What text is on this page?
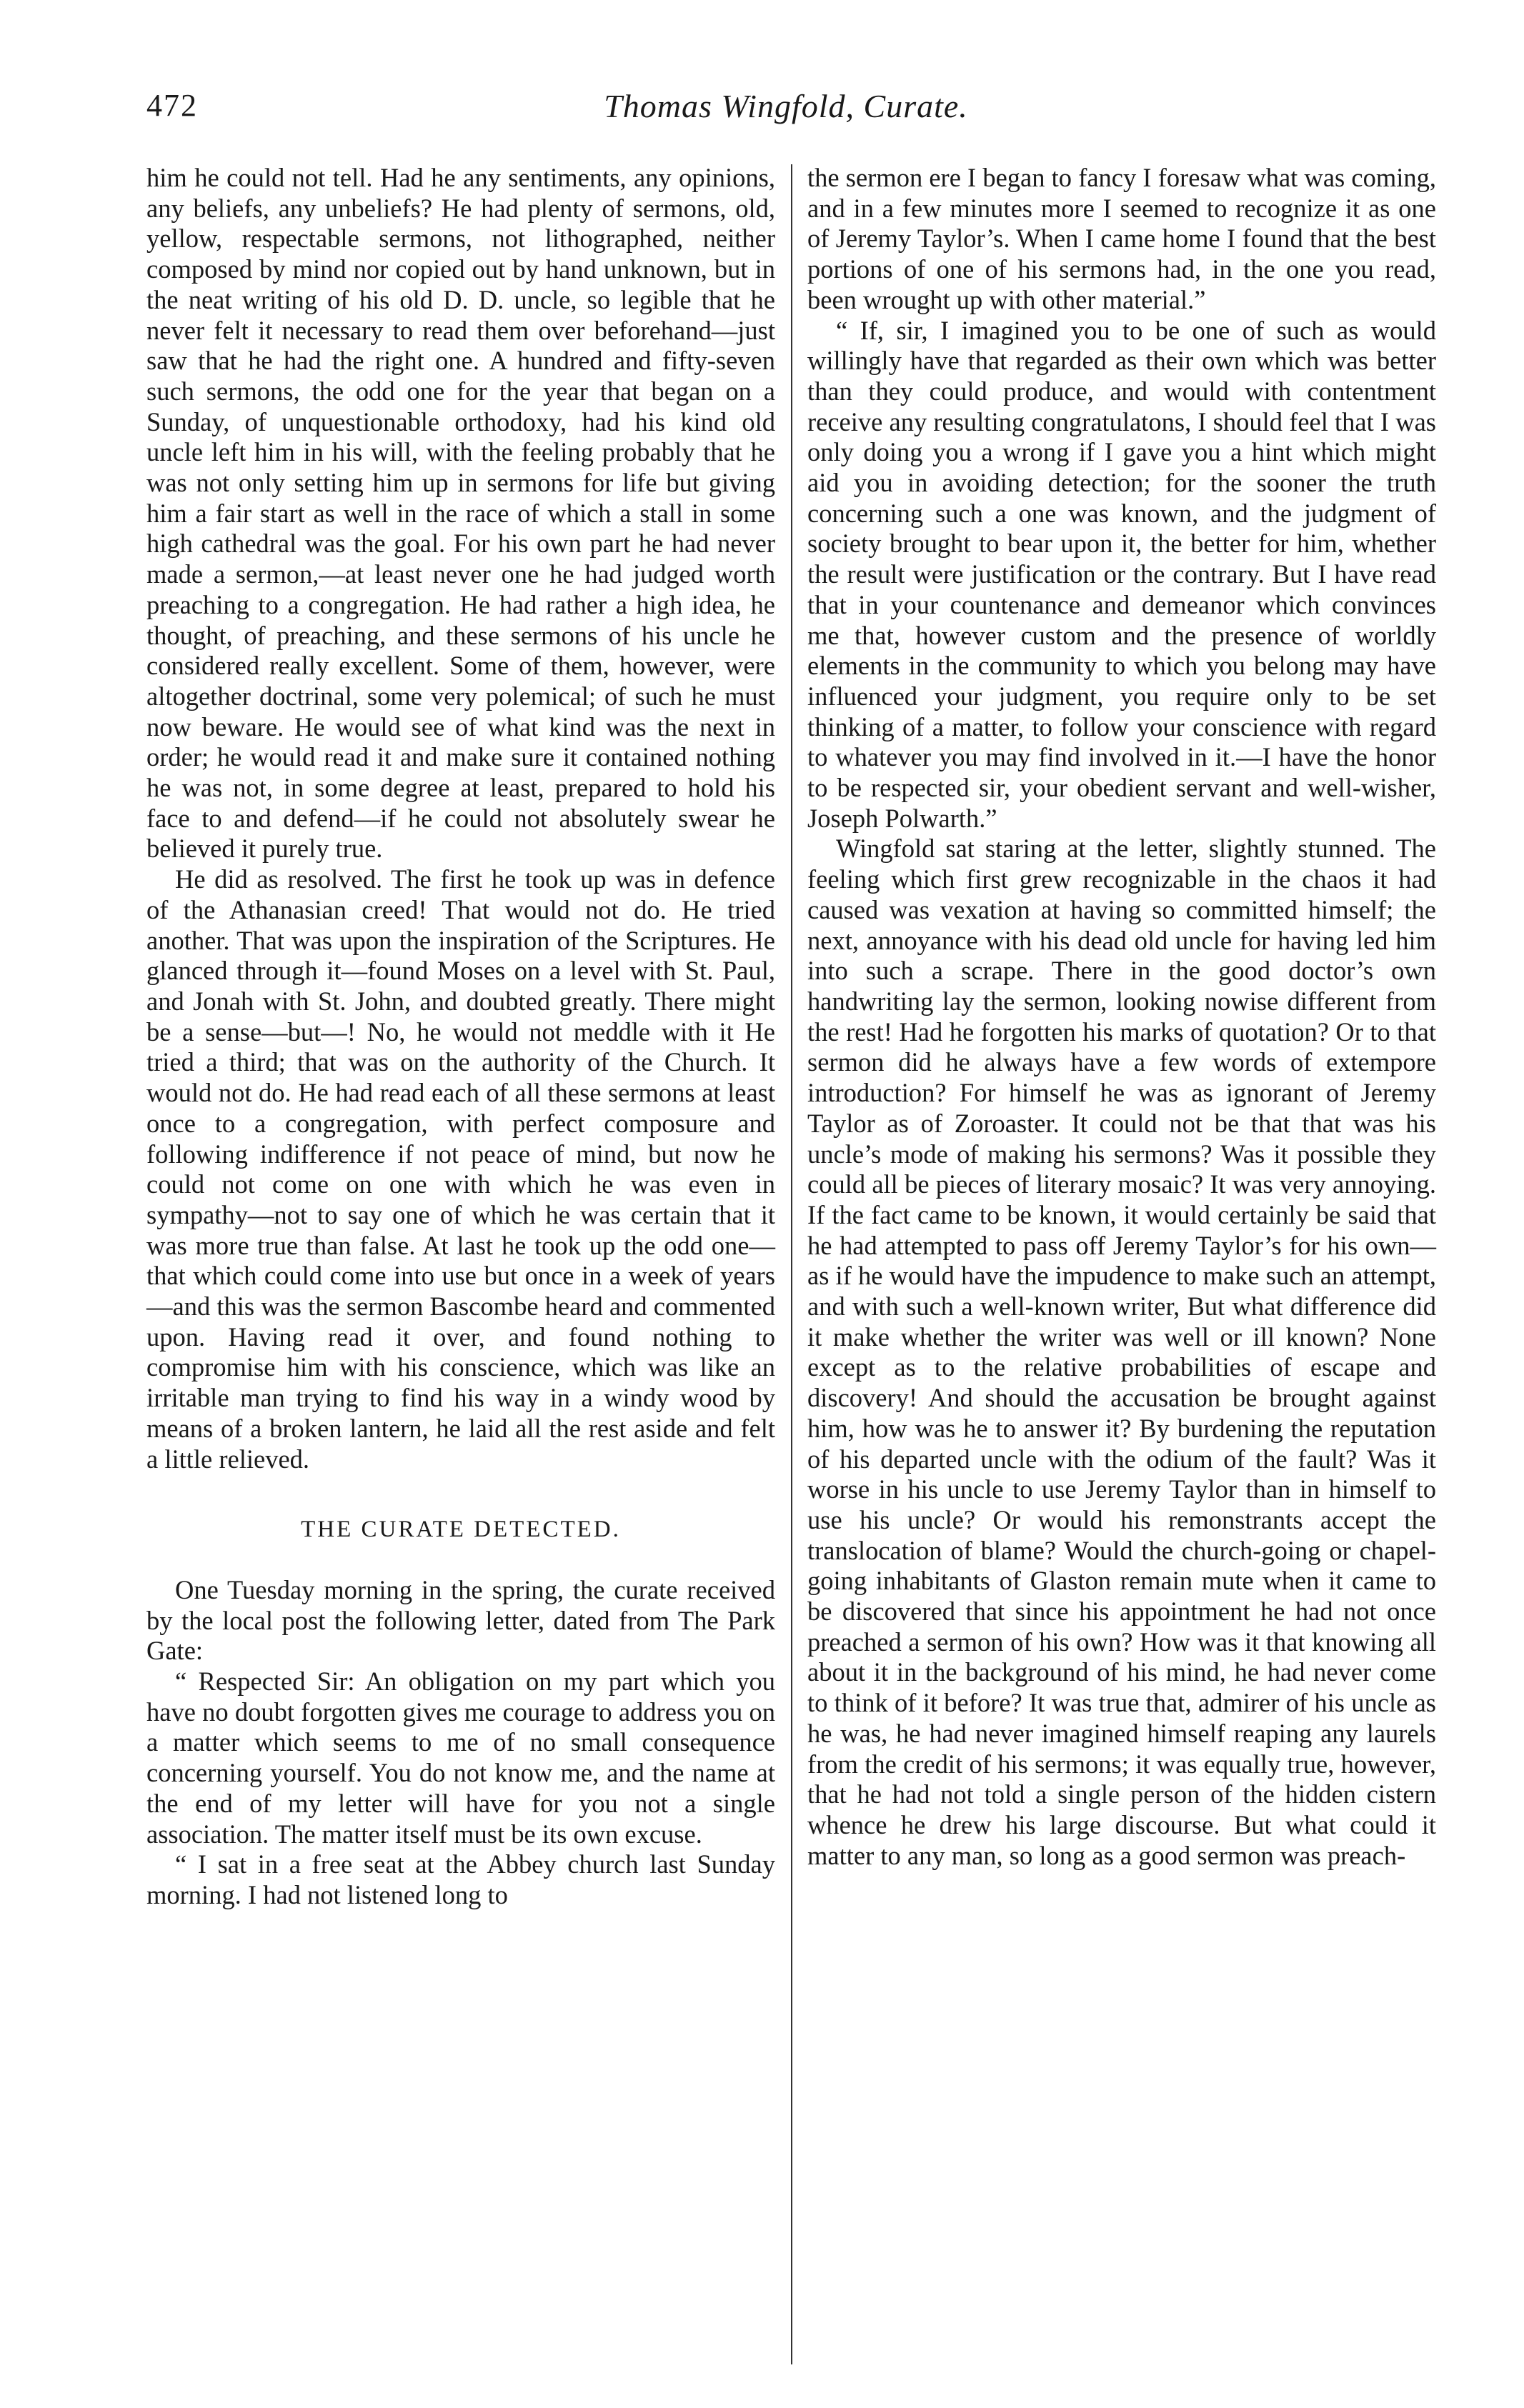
472	Thomas Wingfold, Curate.

him he could not tell. Had he any sentiments, any opinions, any beliefs, any unbeliefs? He had plenty of sermons, old, yellow, respectable sermons, not lithographed, neither composed by mind nor copied out by hand unknown, but in the neat writing of his old D. D. uncle, so legible that he never felt it necessary to read them over beforehand—just saw that he had the right one. A hundred and fifty-seven such sermons, the odd one for the year that began on a Sunday, of unquestionable orthodoxy, had his kind old uncle left him in his will, with the feeling probably that he was not only setting him up in sermons for life but giving him a fair start as well in the race of which a stall in some high cathedral was the goal. For his own part he had never made a sermon,—at least never one he had judged worth preaching to a congregation. He had rather a high idea, he thought, of preaching, and these sermons of his uncle he considered really excellent. Some of them, however, were altogether doctrinal, some very polemical; of such he must now beware. He would see of what kind was the next in order; he would read it and make sure it contained nothing he was not, in some degree at least, prepared to hold his face to and defend—if he could not absolutely swear he believed it purely true.

He did as resolved. The first he took up was in defence of the Athanasian creed! That would not do. He tried another. That was upon the inspiration of the Scriptures. He glanced through it—found Moses on a level with St. Paul, and Jonah with St. John, and doubted greatly. There might be a sense—but—! No, he would not meddle with it He tried a third; that was on the authority of the Church. It would not do. He had read each of all these sermons at least once to a congregation, with perfect composure and following indifference if not peace of mind, but now he could not come on one with which he was even in sympathy—not to say one of which he was certain that it was more true than false. At last he took up the odd one—that which could come into use but once in a week of years—and this was the sermon Bascombe heard and commented upon. Having read it over, and found nothing to compromise him with his conscience, which was like an irritable man trying to find his way in a windy wood by means of a broken lantern, he laid all the rest aside and felt a little relieved.

THE CURATE DETECTED.

One Tuesday morning in the spring, the curate received by the local post the following letter, dated from The Park Gate:

“ Respected Sir: An obligation on my part which you have no doubt forgotten gives me courage to address you on a matter which seems to me of no small consequence concerning yourself. You do not know me, and the name at the end of my letter will have for you not a single association. The matter itself must be its own excuse.

“ I sat in a free seat at the Abbey church last Sunday morning. I had not listened long to

the sermon ere I began to fancy I foresaw what was coming, and in a few minutes more I seemed to recognize it as one of Jeremy Taylor’s. When I came home I found that the best portions of one of his sermons had, in the one you read, been wrought up with other material.”

“ If, sir, I imagined you to be one of such as would willingly have that regarded as their own which was better than they could produce, and would with contentment receive any resulting congratulatons, I should feel that I was only doing you a wrong if I gave you a hint which might aid you in avoiding detection; for the sooner the truth concerning such a one was known, and the judgment of society brought to bear upon it, the better for him, whether the result were justification or the contrary. But I have read that in your countenance and demeanor which convinces me that, however custom and the presence of worldly elements in the community to which you belong may have influenced your judgment, you require only to be set thinking of a matter, to follow your conscience with regard to whatever you may find involved in it.—I have the honor to be respected sir, your obedient servant and well-wisher, Joseph Polwarth.”

Wingfold sat staring at the letter, slightly stunned. The feeling which first grew recognizable in the chaos it had caused was vexation at having so committed himself; the next, annoyance with his dead old uncle for having led him into such a scrape. There in the good doctor’s own handwriting lay the sermon, looking nowise different from the rest! Had he forgotten his marks of quotation? Or to that sermon did he always have a few words of extempore introduction? For himself he was as ignorant of Jeremy Taylor as of Zoroaster. It could not be that that was his uncle’s mode of making his sermons? Was it possible they could all be pieces of literary mosaic? It was very annoying. If the fact came to be known, it would certainly be said that he had attempted to pass off Jeremy Taylor’s for his own—as if he would have the impudence to make such an attempt, and with such a well-known writer, But what difference did it make whether the writer was well or ill known? None except as to the relative probabilities of escape and discovery! And should the accusation be brought against him, how was he to answer it? By burdening the reputation of his departed uncle with the odium of the fault? Was it worse in his uncle to use Jeremy Taylor than in himself to use his uncle? Or would his remonstrants accept the translocation of blame? Would the church-going or chapel-going inhabitants of Glaston remain mute when it came to be discovered that since his appointment he had not once preached a sermon of his own? How was it that knowing all about it in the background of his mind, he had never come to think of it before? It was true that, admirer of his uncle as he was, he had never imagined himself reaping any laurels from the credit of his sermons; it was equally true, however, that he had not told a single person of the hidden cistern whence he drew his large discourse. But what could it matter to any man, so long as a good sermon was preach-
